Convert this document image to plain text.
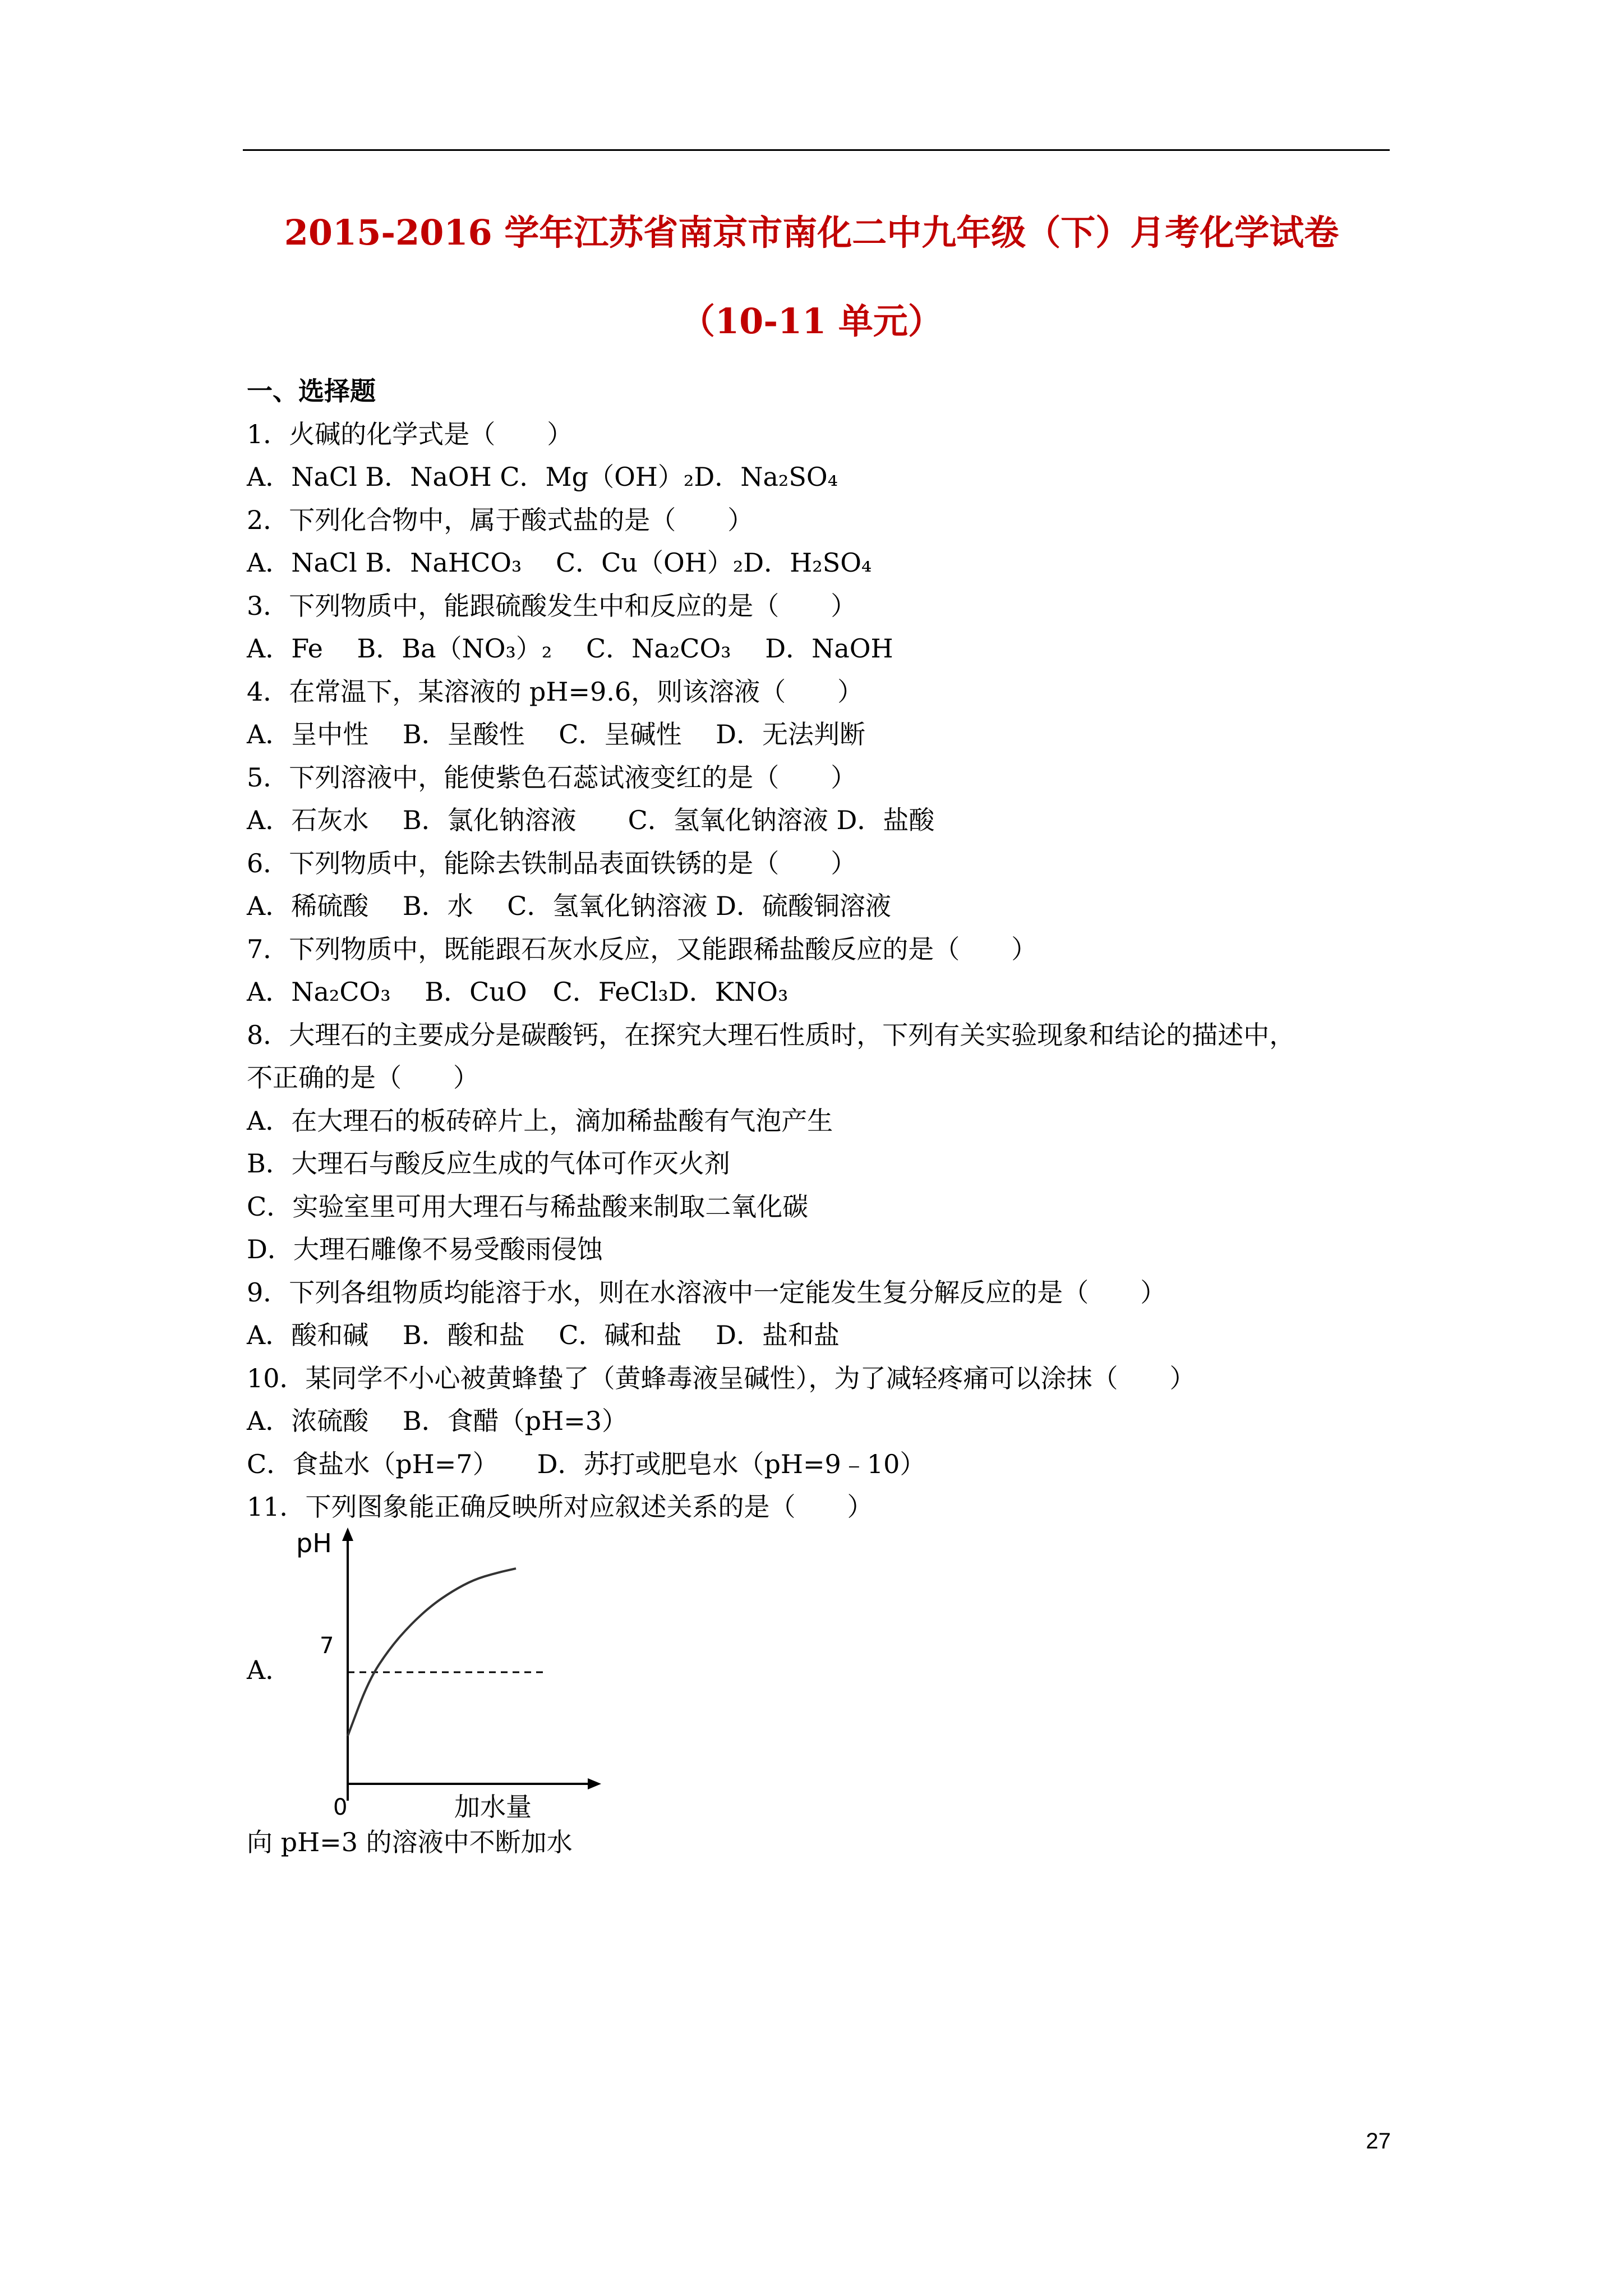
2015-2016 学年江苏省南京市南化二中九年级（下）月考化学试卷
（10-11 单元）
一、选择题
1．火碱的化学式是（　　）
A．NaCl B．NaOH C．Mg（OH）₂D．Na₂SO₄
2．下列化合物中，属于酸式盐的是（　　）
A．NaCl B．NaHCO₃　 C．Cu（OH）₂D．H₂SO₄
3．下列物质中，能跟硫酸发生中和反应的是（　　）
A．Fe　 B．Ba（NO₃）₂　 C．Na₂CO₃　 D．NaOH
4．在常温下，某溶液的 pH=9.6，则该溶液（　　）
A．呈中性　 B．呈酸性　 C．呈碱性　 D．无法判断
5．下列溶液中，能使紫色石蕊试液变红的是（　　）
A．石灰水　 B．氯化钠溶液　　C．氢氧化钠溶液 D．盐酸
6．下列物质中，能除去铁制品表面铁锈的是（　　）
A．稀硫酸　 B．水　 C．氢氧化钠溶液 D．硫酸铜溶液
7．下列物质中，既能跟石灰水反应，又能跟稀盐酸反应的是（　　）
A．Na₂CO₃　 B．CuO　C．FeCl₃D．KNO₃
8．大理石的主要成分是碳酸钙，在探究大理石性质时，下列有关实验现象和结论的描述中，
不正确的是（　　）
A．在大理石的板砖碎片上，滴加稀盐酸有气泡产生
B．大理石与酸反应生成的气体可作灭火剂
C．实验室里可用大理石与稀盐酸来制取二氧化碳
D．大理石雕像不易受酸雨侵蚀
9．下列各组物质均能溶于水，则在水溶液中一定能发生复分解反应的是（　　）
A．酸和碱　 B．酸和盐　 C．碱和盐　 D．盐和盐
10．某同学不小心被黄蜂蛰了（黄蜂毒液呈碱性），为了减轻疼痛可以涂抹（　　）
A．浓硫酸　 B．食醋（pH=3）
C．食盐水（pH=7）　　D．苏打或肥皂水（pH=9﹣10）
11．下列图象能正确反映所对应叙述关系的是（　　）
A．
pH
7
0	加水量
向 pH=3 的溶液中不断加水
27
